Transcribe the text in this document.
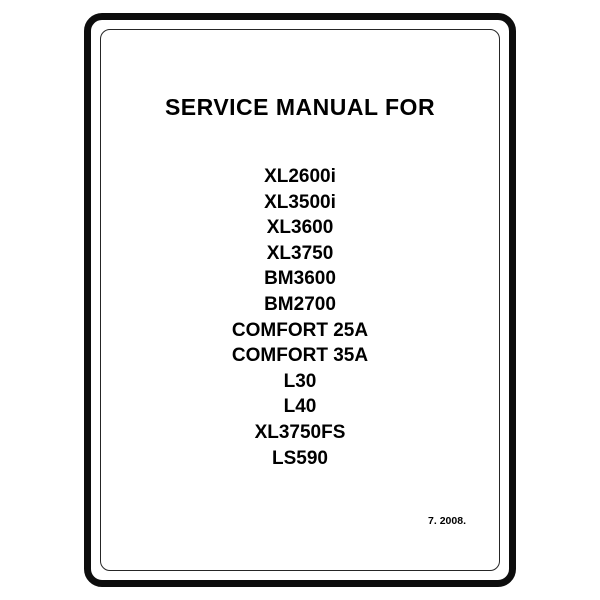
SERVICE MANUAL FOR
XL2600i
XL3500i
XL3600
XL3750
BM3600
BM2700
COMFORT 25A
COMFORT 35A
L30
L40
XL3750FS
LS590
7. 2008.
